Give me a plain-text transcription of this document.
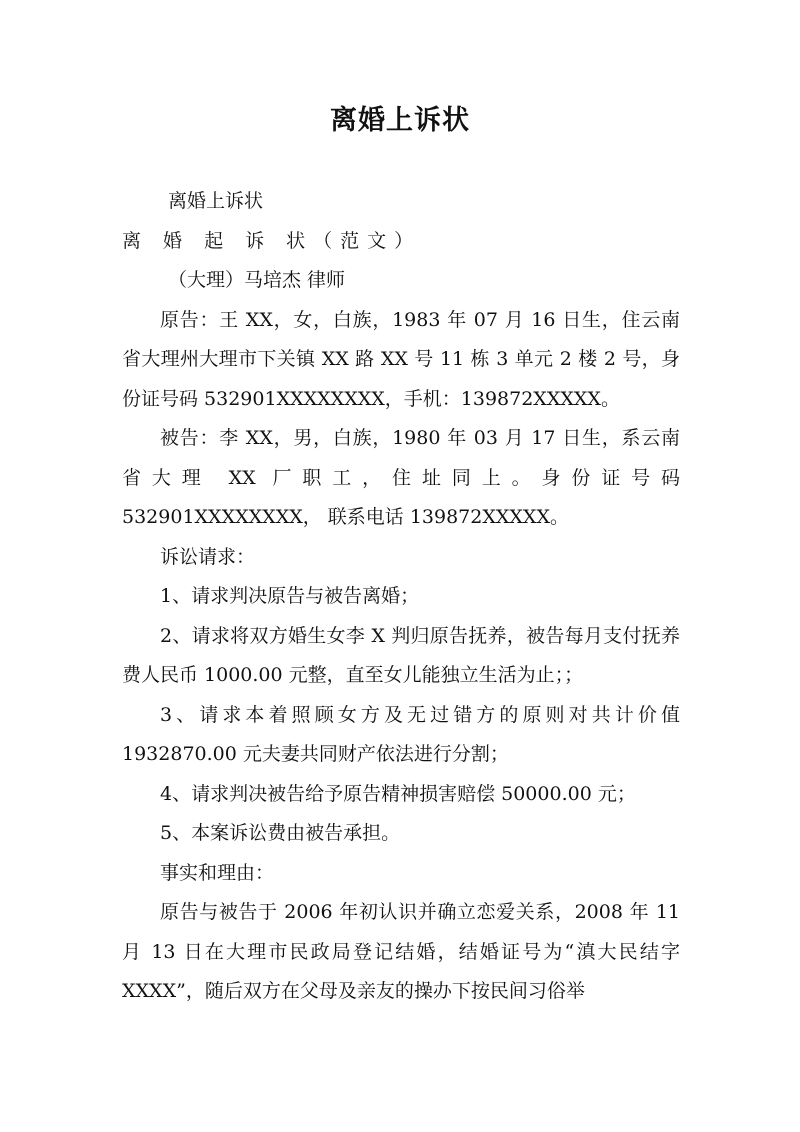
离婚上诉状

离婚上诉状

离 婚 起 诉 状（范文）

（大理）马培杰 律师

原告：王 XX，女，白族，1983 年 07 月 16 日生，住云南省大理州大理市下关镇 XX 路 XX 号 11 栋 3 单元 2 楼 2 号，身份证号码 532901XXXXXXXX，手机：139872XXXXX。

被告：李 XX，男，白族，1980 年 03 月 17 日生，系云南省大理 XX 厂职工，住址同上。身份证号码 532901XXXXXXXX， 联系电话 139872XXXXX。

诉讼请求：

1、请求判决原告与被告离婚；

2、请求将双方婚生女李 X 判归原告抚养，被告每月支付抚养费人民币 1000.00 元整，直至女儿能独立生活为止；；

3、请求本着照顾女方及无过错方的原则对共计价值 1932870.00 元夫妻共同财产依法进行分割；

4、请求判决被告给予原告精神损害赔偿 50000.00 元；

5、本案诉讼费由被告承担。

事实和理由：

原告与被告于 2006 年初认识并确立恋爱关系，2008 年 11 月 13 日在大理市民政局登记结婚，结婚证号为“滇大民结字 XXXX”，随后双方在父母及亲友的操办下按民间习俗举
